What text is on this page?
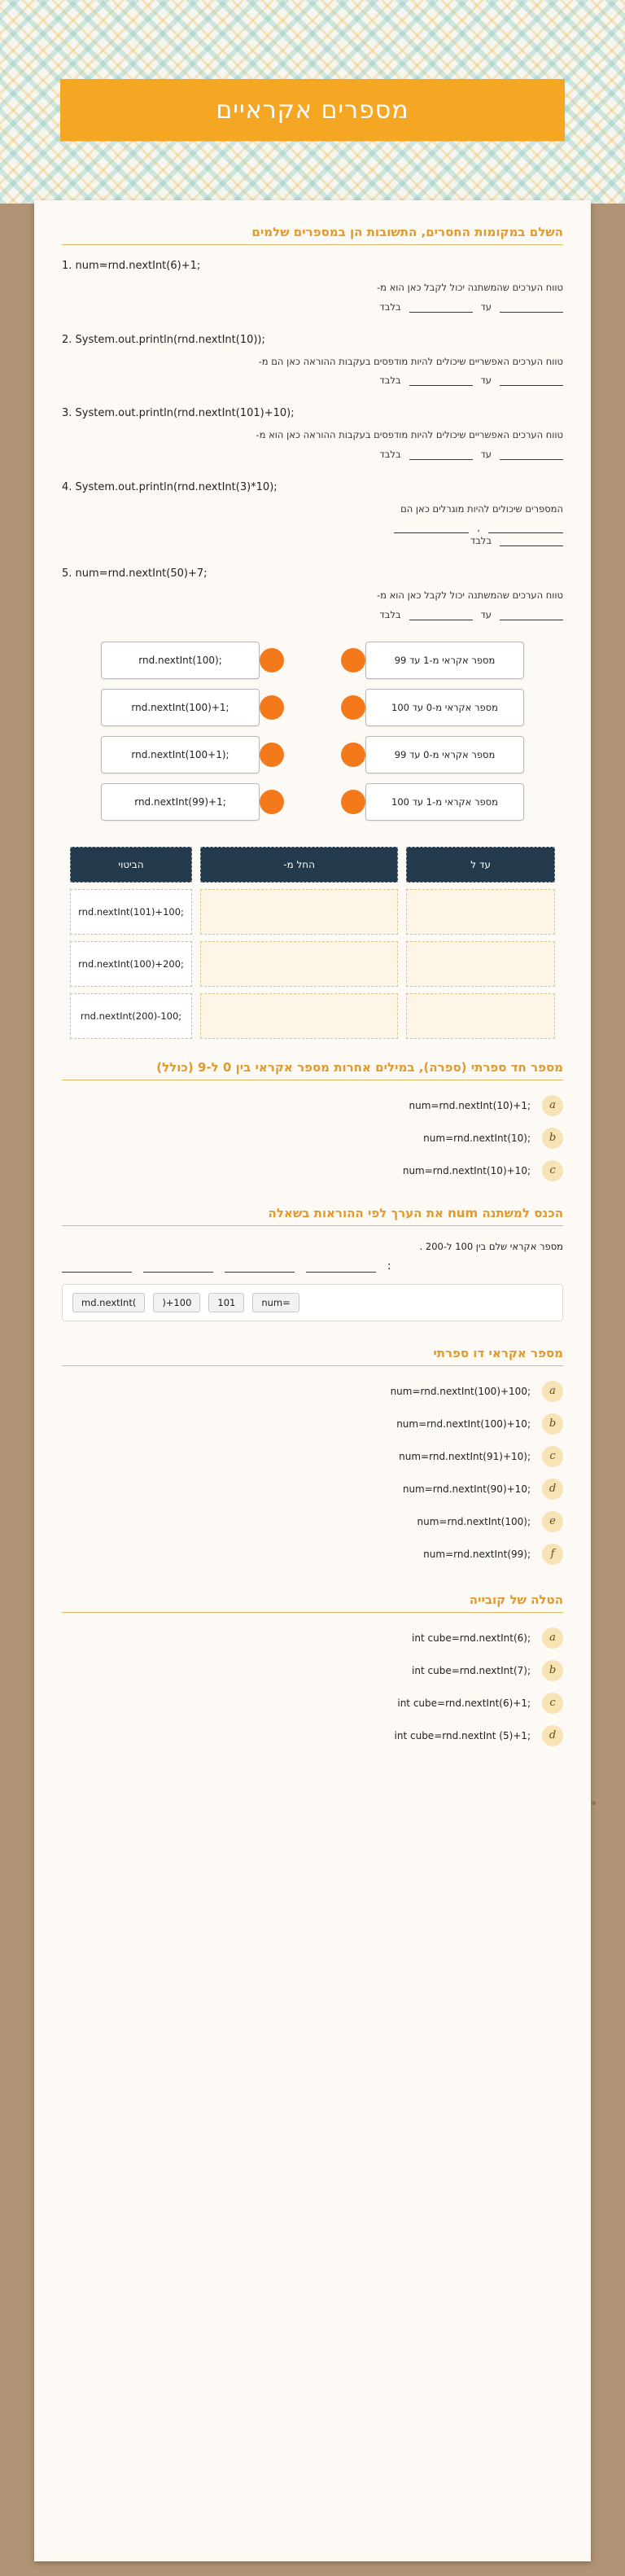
מספרים אקראיים
השלם במקומות החסרים, התשובות הן במספרים שלמים
1. num=rnd.nextInt(6)+1;
טווח הערכים שהמשתנה יכול לקבל כאן הוא מ-
עד
בלבד
2. System.out.println(rnd.nextInt(10));
טווח הערכים האפשריים שיכולים להיות מודפסים בעקבות ההוראה כאן הם מ-
עד
בלבד
3. System.out.println(rnd.nextInt(101)+10);
טווח הערכים האפשריים שיכולים להיות מודפסים בעקבות ההוראה כאן הוא מ-
עד
בלבד
4. System.out.println(rnd.nextInt(3)*10);
המספרים שיכולים להיות מוגרלים כאן הם
,
בלבד
5. num=rnd.nextInt(50)+7;
טווח הערכים שהמשתנה יכול לקבל כאן הוא מ-
עד
בלבד
מספר אקראי מ-1 עד 99
rnd.nextInt(100);
מספר אקראי מ-0 עד 100
rnd.nextInt(100)+1;
מספר אקראי מ-0 עד 99
rnd.nextInt(100+1);
מספר אקראי מ-1 עד 100
rnd.nextInt(99)+1;
עד ל	החל מ-	הביטוי
		rnd.nextInt(101)+100;
		rnd.nextInt(100)+200;
		rnd.nextInt(200)-100;
מספר חד ספרתי (ספרה), במילים אחרות מספר אקראי בין 0 ל-9 (כולל)
a
num=rnd.nextInt(10)+1;
b
num=rnd.nextInt(10);
c
num=rnd.nextInt(10)+10;
הכנס למשתנה num את הערך לפי ההוראות בשאלה
מספר אקראי שלם בין 100 ל-200 .
:
md.nextInt(	)+100	101	num=
מספר אקראי דו ספרתי
a
num=rnd.nextInt(100)+100;
b
num=rnd.nextInt(100)+10;
c
num=rnd.nextInt(91)+10);
d
num=rnd.nextInt(90)+10;
e
num=rnd.nextInt(100);
f
num=rnd.nextInt(99);
הטלה של קובייה
a
int cube=rnd.nextInt(6);
b
int cube=rnd.nextInt(7);
c
int cube=rnd.nextInt(6)+1;
d
int cube=rnd.nextInt (5)+1;
